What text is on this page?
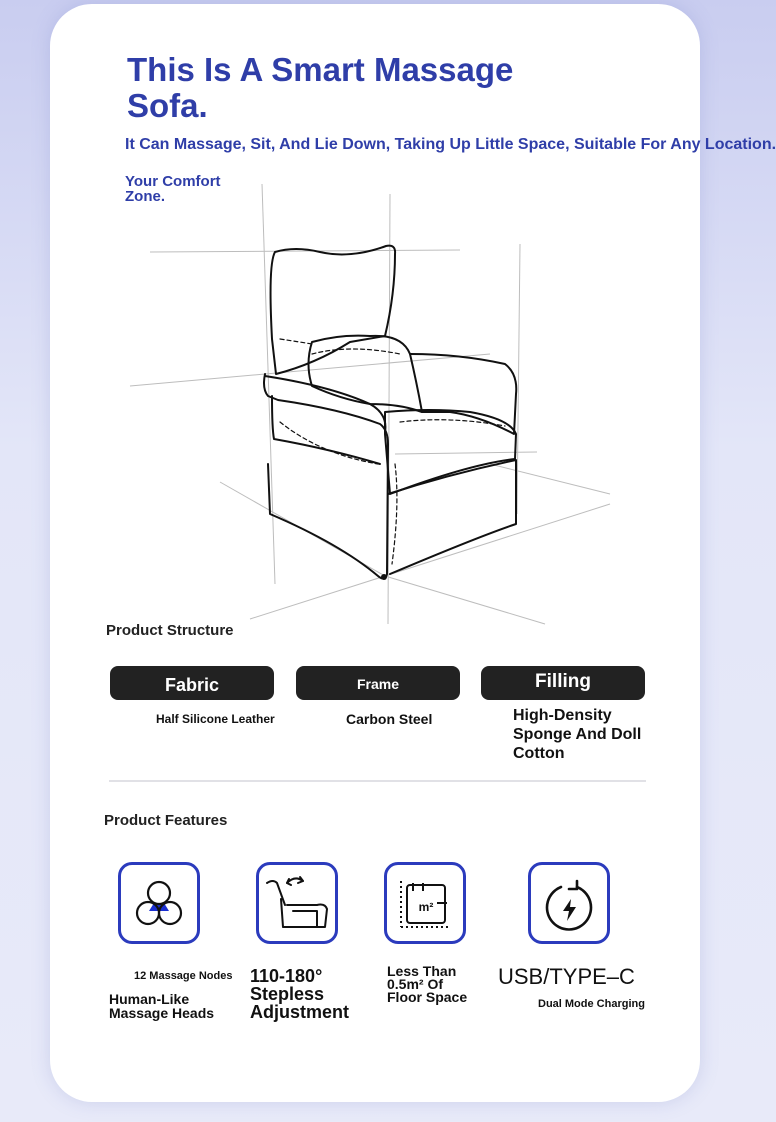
This Is A Smart Massage Sofa.
It Can Massage, Sit, And Lie Down, Taking Up Little Space, Suitable For Any Location.
Your Comfort Zone.
Product Structure
Fabric	Frame	Filling
Half Silicone Leather	Carbon Steel	High-Density Sponge And Doll Cotton
Product Features
12 Massage Nodes
Human-Like Massage Heads
110-180° Stepless Adjustment
m²
Less Than 0.5m² Of Floor Space
USB/TYPE–C
Dual Mode Charging
